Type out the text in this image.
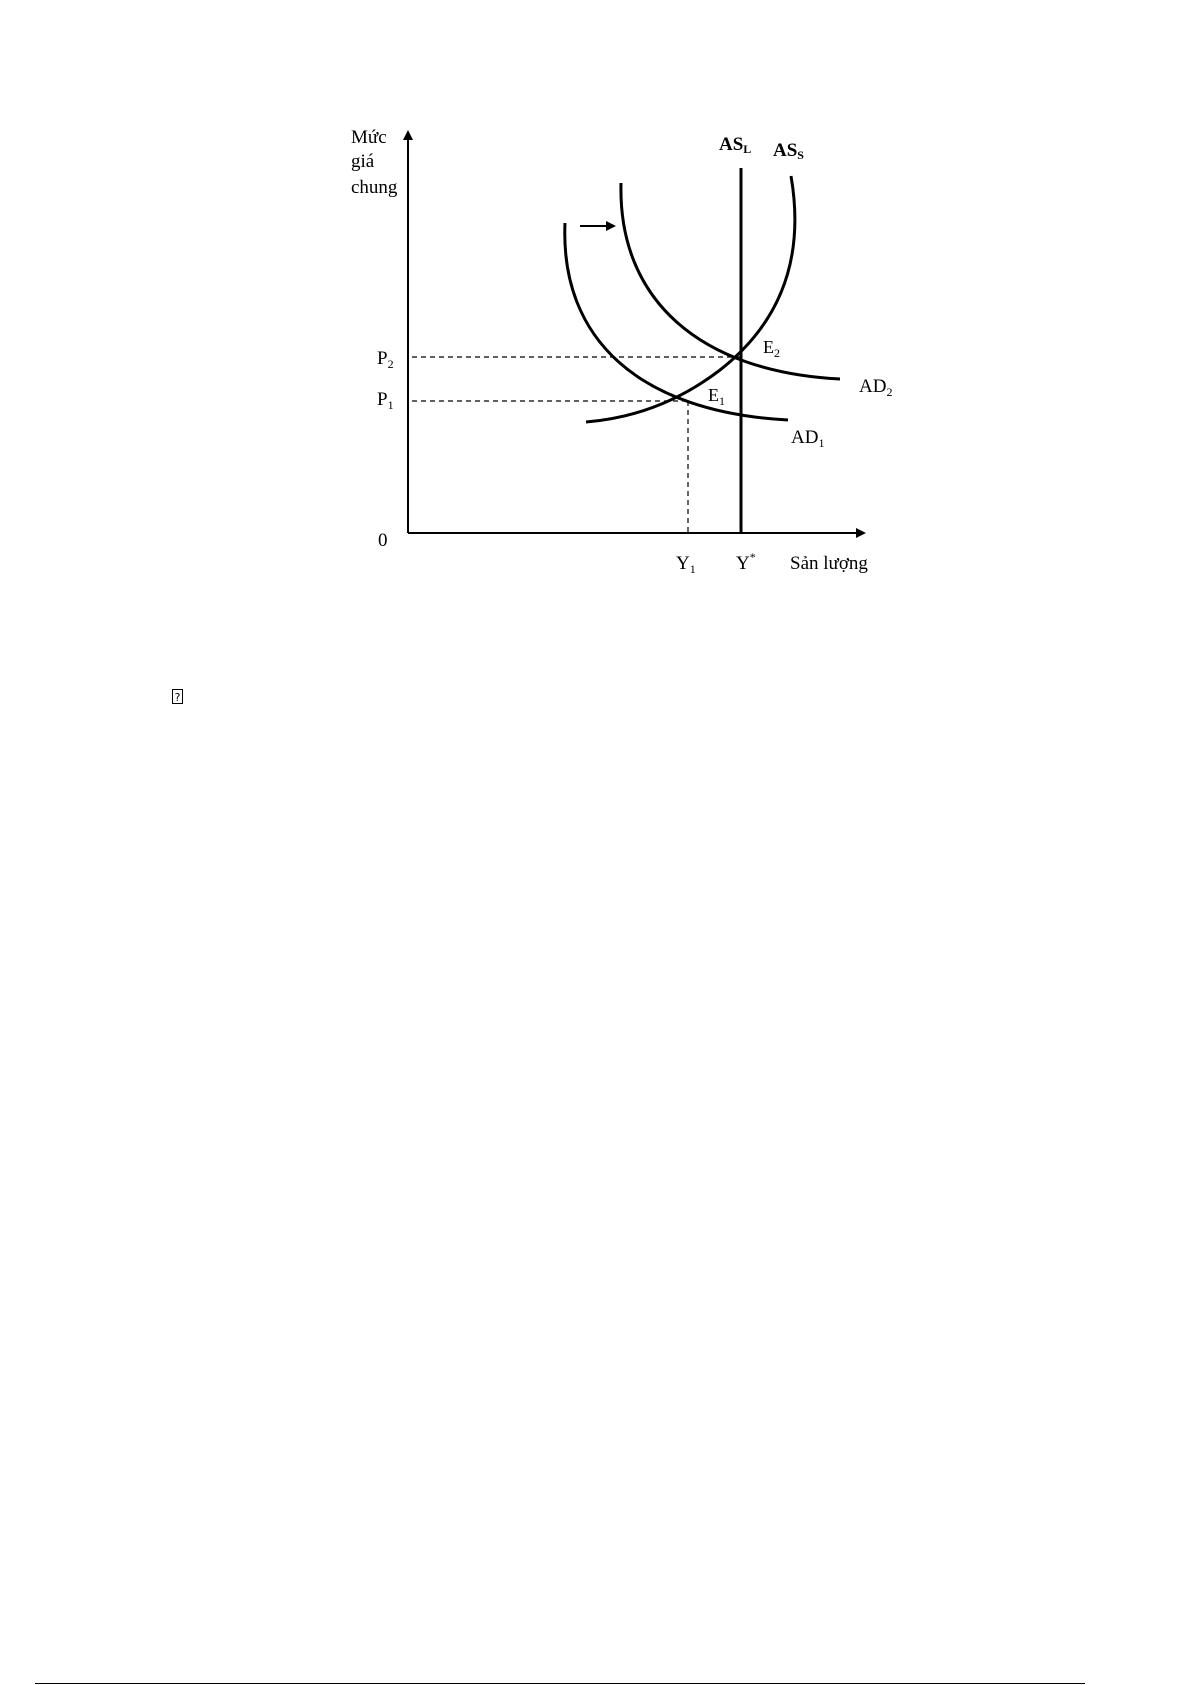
Mức
giá
chung
0
$P_2$
$P_1$
$Y_1$ Y* Sản lượng
ASL ASS
$AD_2$
$AD_1$
$E_2$
$E_1$
?
